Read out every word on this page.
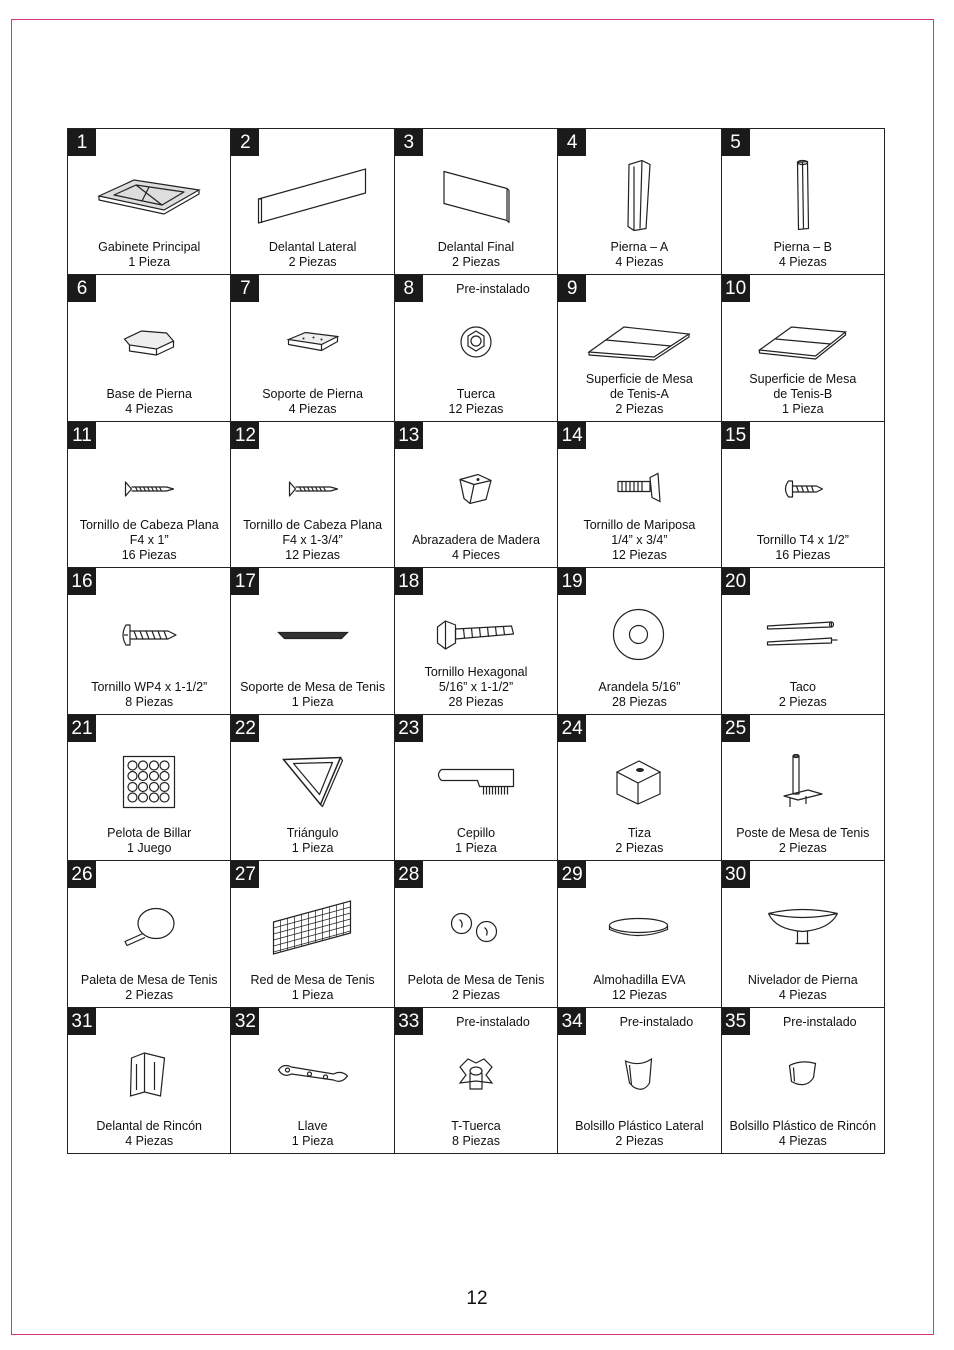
1
Gabinete Principal
1 Pieza
2
Delantal Lateral
2 Piezas
3
Delantal Final
2 Piezas
4
Pierna – A
4 Piezas
5
Pierna – B
4 Piezas
6
Base de Pierna
4 Piezas
7
Soporte de Pierna
4 Piezas
8	Pre-instalado
Tuerca
12 Piezas
9
Superficie de Mesa
de Tenis-A
2 Piezas
10
Superficie de Mesa
de Tenis-B
1 Pieza
11
Tornillo de Cabeza Plana
F4 x 1”
16 Piezas
12
Tornillo de Cabeza Plana
F4 x 1-3/4”
12 Piezas
13
Abrazadera de Madera
4 Pieces
14
Tornillo de Mariposa
1/4” x 3/4”
12 Piezas
15
Tornillo T4 x 1/2”
16 Piezas
16
Tornillo WP4 x 1-1/2”
8 Piezas
17
Soporte de Mesa de Tenis
1 Pieza
18
Tornillo Hexagonal
5/16” x 1-1/2”
28 Piezas
19
Arandela 5/16”
28 Piezas
20
Taco
2 Piezas
21
Pelota de Billar
1 Juego
22
Triángulo
1 Pieza
23
Cepillo
1 Pieza
24
Tiza
2 Piezas
25
Poste de Mesa de Tenis
2 Piezas
26
Paleta de Mesa de Tenis
2 Piezas
27
Red de Mesa de Tenis
1 Pieza
28
Pelota de Mesa de Tenis
2 Piezas
29
Almohadilla EVA
12 Piezas
30
Nivelador de Pierna
4 Piezas
31
Delantal de Rincón
4 Piezas
32
Llave
1 Pieza
33	Pre-instalado
T-Tuerca
8 Piezas
34	Pre-instalado
Bolsillo Plástico Lateral
2 Piezas
35	Pre-instalado
Bolsillo Plástico de Rincón
4 Piezas
12
